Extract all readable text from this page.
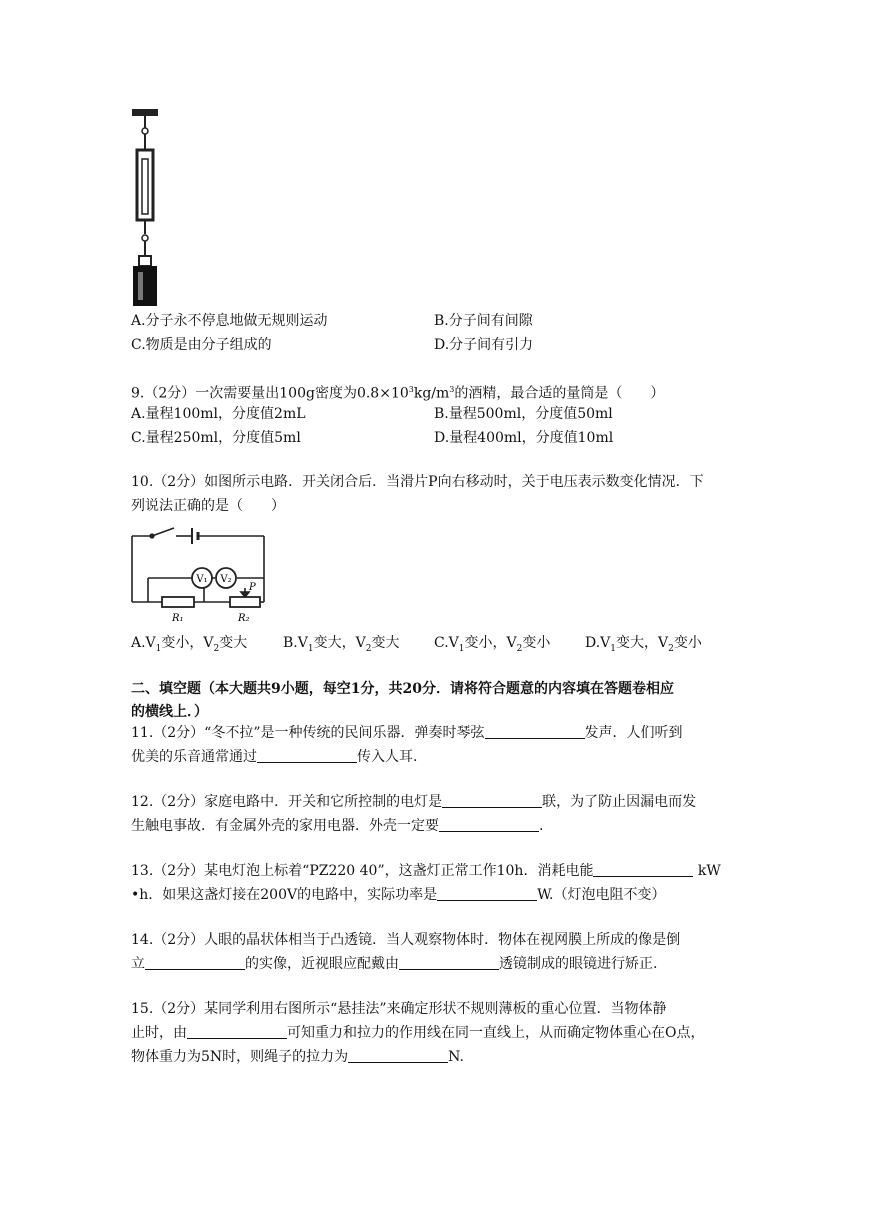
A.分子永不停息地做无规则运动	B.分子间有间隙
C.物质是由分子组成的	D.分子间有引力
9.（2分）一次需要量出100g密度为$0.8\times 10^3kg/m^3$的酒精，最合适的量筒是（　　）
A.量程100ml，分度值2mL	B.量程500ml，分度值50ml
C.量程250ml，分度值5ml	D.量程400ml，分度值10ml
10.（2分）如图所示电路．开关闭合后．当滑片P向右移动时，关于电压表示数变化情况．下
列说法正确的是（　　）
V₁ V₂
P
R₁	R₂
$A.V_1$变小，$V_2$变大	$B.V_1$变大，$V_2$变大 $C.V_1$变小，$V_2$变小 $D.V_1$变大，$V_2$变小
二、填空题（本大题共9小题，每空1分，共20分．请将符合题意的内容填在答题卷相应
的横线上．）
11.（2分）“冬不拉”是一种传统的民间乐器．弹奏时琴弦	发声．人们听到
优美的乐音通常通过	传入人耳.
12.（2分）家庭电路中．开关和它所控制的电灯是	联，为了防止因漏电而发
生触电事故．有金属外壳的家用电器．外壳一定要	.
13.（2分）某电灯泡上标着“PZ220 40”，这盏灯正常工作10h．消耗电能	kW
•h．如果这盏灯接在200V的电路中，实际功率是	W.（灯泡电阻不变）
14.（2分）人眼的晶状体相当于凸透镜．当人观察物体时．物体在视网膜上所成的像是倒
立	的实像，近视眼应配戴由	透镜制成的眼镜进行矫正.
15.（2分）某同学利用右图所示“悬挂法”来确定形状不规则薄板的重心位置．当物体静
止时，由	可知重力和拉力的作用线在同一直线上，从而确定物体重心在O点，
物体重力为5N时，则绳子的拉力为	N.
